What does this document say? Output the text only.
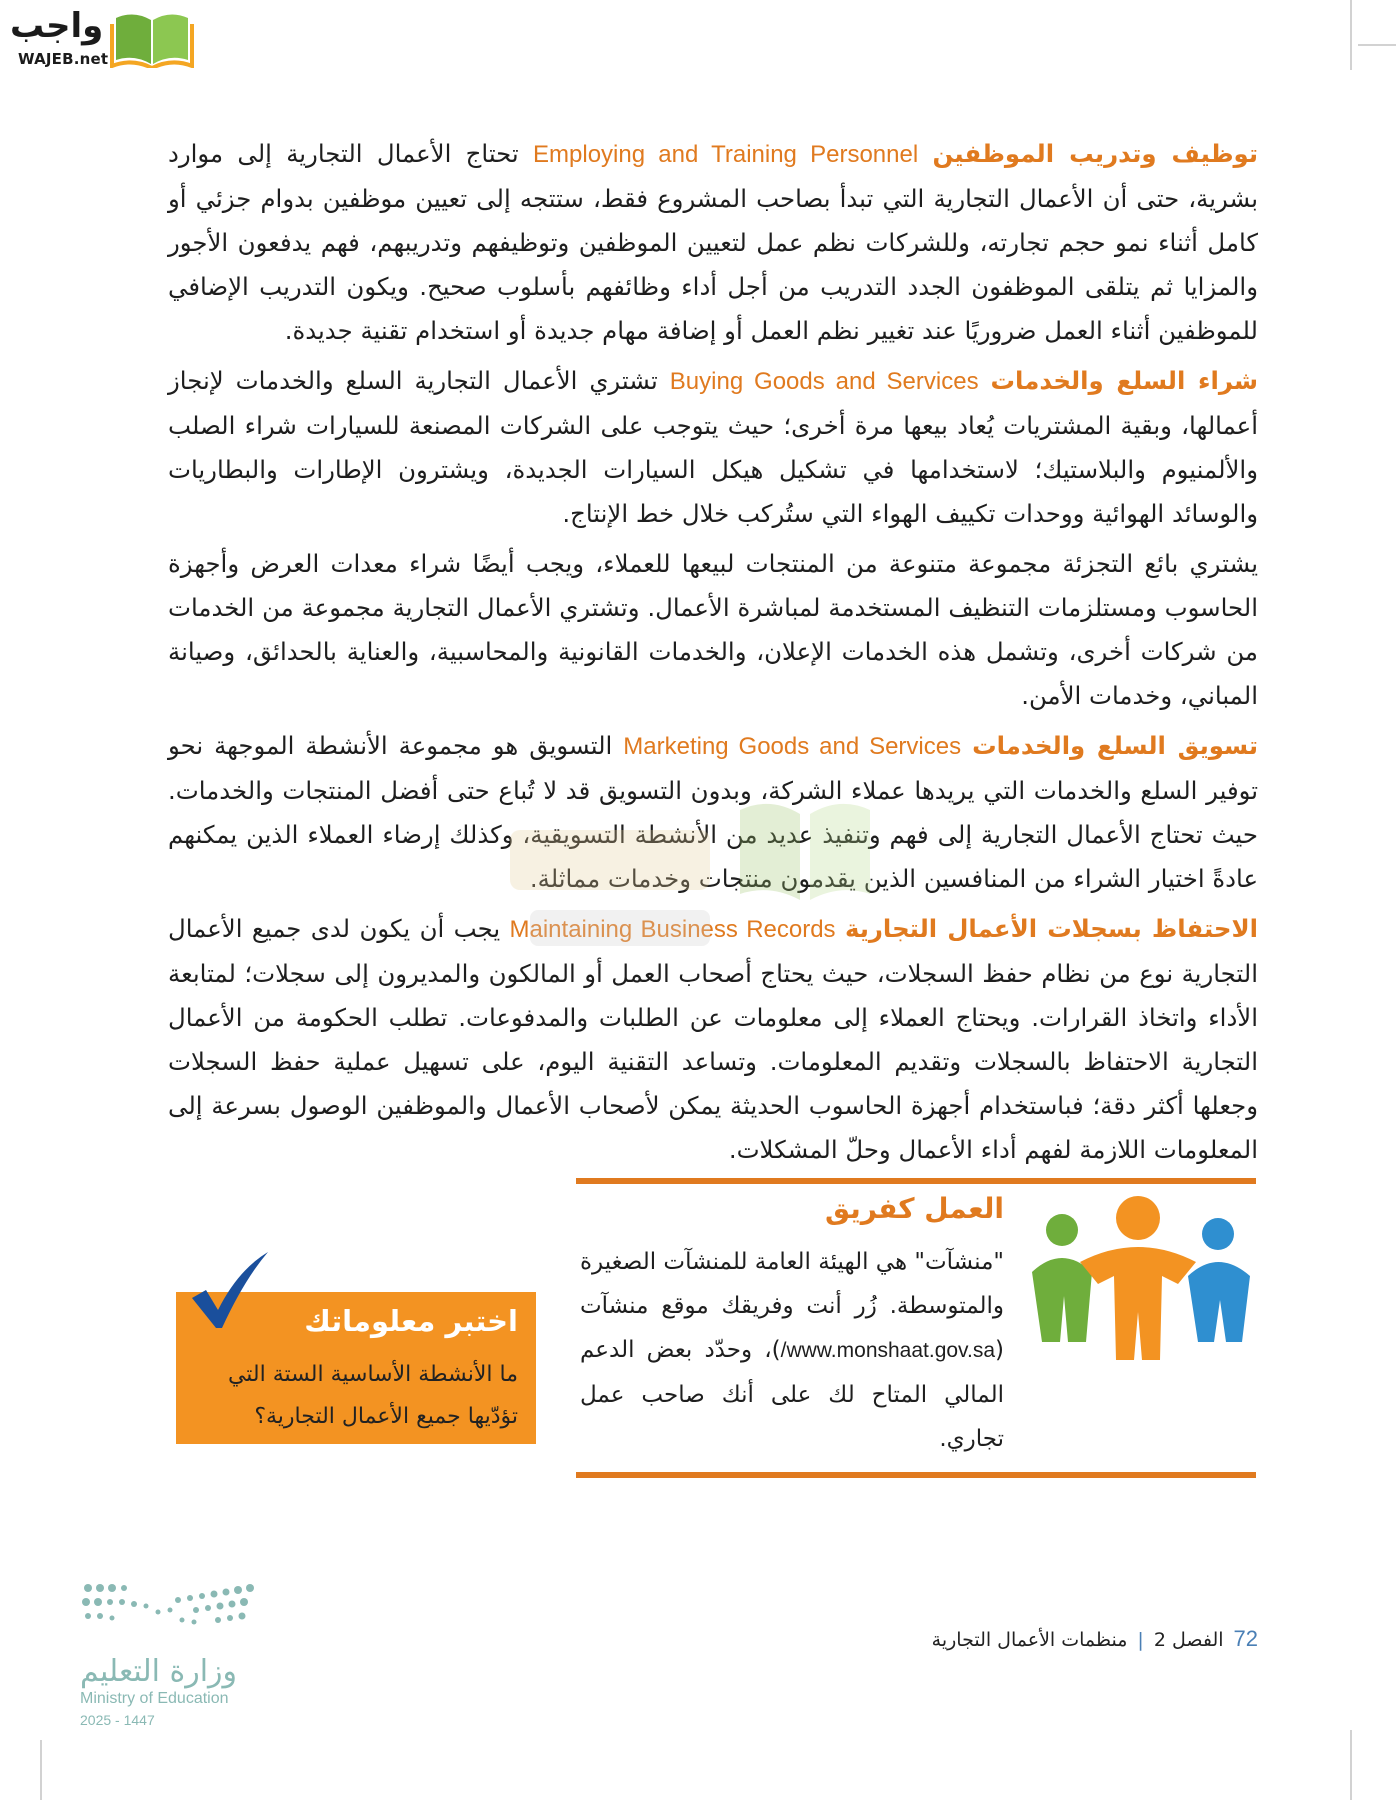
واجب
WAJEB.net

توظيف وتدريب الموظفين Employing and Training Personnel تحتاج الأعمال التجارية إلى موارد بشرية، حتى أن الأعمال التجارية التي تبدأ بصاحب المشروع فقط، ستتجه إلى تعيين موظفين بدوام جزئي أو كامل أثناء نمو حجم تجارته، وللشركات نظم عمل لتعيين الموظفين وتوظيفهم وتدريبهم، فهم يدفعون الأجور والمزايا ثم يتلقى الموظفون الجدد التدريب من أجل أداء وظائفهم بأسلوب صحيح. ويكون التدريب الإضافي للموظفين أثناء العمل ضروريًا عند تغيير نظم العمل أو إضافة مهام جديدة أو استخدام تقنية جديدة.

شراء السلع والخدمات Buying Goods and Services تشتري الأعمال التجارية السلع والخدمات لإنجاز أعمالها، وبقية المشتريات يُعاد بيعها مرة أخرى؛ حيث يتوجب على الشركات المصنعة للسيارات شراء الصلب والألمنيوم والبلاستيك؛ لاستخدامها في تشكيل هيكل السيارات الجديدة، ويشترون الإطارات والبطاريات والوسائد الهوائية ووحدات تكييف الهواء التي ستُركب خلال خط الإنتاج.

يشتري بائع التجزئة مجموعة متنوعة من المنتجات لبيعها للعملاء، ويجب أيضًا شراء معدات العرض وأجهزة الحاسوب ومستلزمات التنظيف المستخدمة لمباشرة الأعمال. وتشتري الأعمال التجارية مجموعة من الخدمات من شركات أخرى، وتشمل هذه الخدمات الإعلان، والخدمات القانونية والمحاسبية، والعناية بالحدائق، وصيانة المباني، وخدمات الأمن.

تسويق السلع والخدمات Marketing Goods and Services التسويق هو مجموعة الأنشطة الموجهة نحو توفير السلع والخدمات التي يريدها عملاء الشركة، وبدون التسويق قد لا تُباع حتى أفضل المنتجات والخدمات. حيث تحتاج الأعمال التجارية إلى فهم وتنفيذ عديد من الأنشطة التسويقية، وكذلك إرضاء العملاء الذين يمكنهم عادةً اختيار الشراء من المنافسين الذين يقدمون منتجات وخدمات مماثلة.

الاحتفاظ بسجلات الأعمال التجارية Maintaining Business Records يجب أن يكون لدى جميع الأعمال التجارية نوع من نظام حفظ السجلات، حيث يحتاج أصحاب العمل أو المالكون والمديرون إلى سجلات؛ لمتابعة الأداء واتخاذ القرارات. ويحتاج العملاء إلى معلومات عن الطلبات والمدفوعات. تطلب الحكومة من الأعمال التجارية الاحتفاظ بالسجلات وتقديم المعلومات. وتساعد التقنية اليوم، على تسهيل عملية حفظ السجلات وجعلها أكثر دقة؛ فباستخدام أجهزة الحاسوب الحديثة يمكن لأصحاب الأعمال والموظفين الوصول بسرعة إلى المعلومات اللازمة لفهم أداء الأعمال وحلّ المشكلات.

العمل كفريق

"منشآت" هي الهيئة العامة للمنشآت الصغيرة والمتوسطة. زُر أنت وفريقك موقع منشآت (www.monshaat.gov.sa/)، وحدّد بعض الدعم المالي المتاح لك على أنك صاحب عمل تجاري.

اختبر معلوماتك

ما الأنشطة الأساسية الستة التي تؤدّيها جميع الأعمال التجارية؟

وزارة التعليم
Ministry of Education
2025 - 1447
72
الفصل 2
|
منظمات الأعمال التجارية
